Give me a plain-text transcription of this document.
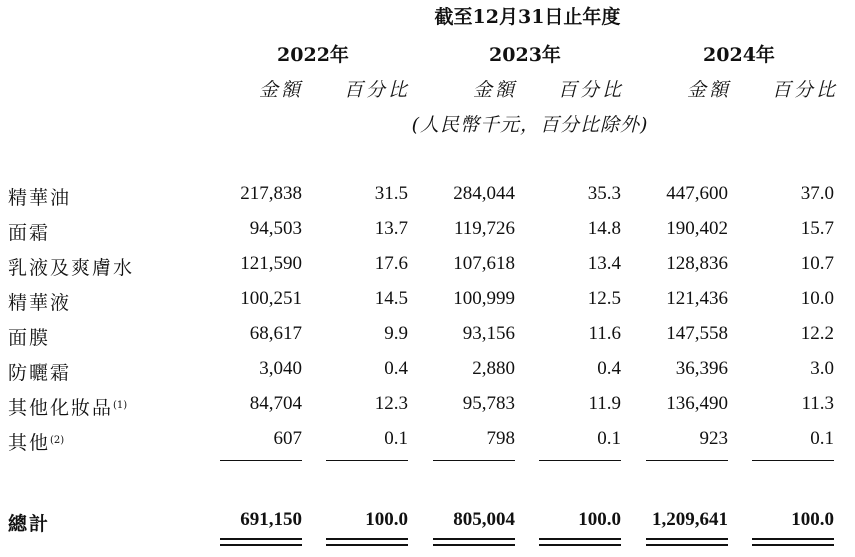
截至12月31日止年度
2022年	2023年	2024年
金額	百分比	金額	百分比	金額	百分比
(人民幣千元，百分比除外)
精華油	217,838	31.5	284,044	35.3	447,600	37.0
面霜	94,503	13.7	119,726	14.8	190,402	15.7
乳液及爽膚水	121,590	17.6	107,618	13.4	128,836	10.7
精華液	100,251	14.5	100,999	12.5	121,436	10.0
面膜	68,617	9.9	93,156	11.6	147,558	12.2
防曬霜	3,040	0.4	2,880	0.4	36,396	3.0
其他化妝品$^{(1)}$	84,704	12.3	95,783	11.9	136,490	11.3
其他$^{(2)}$	607	0.1	798	0.1	923	0.1
總計	691,150	100.0	805,004	100.0	1,209,641	100.0
